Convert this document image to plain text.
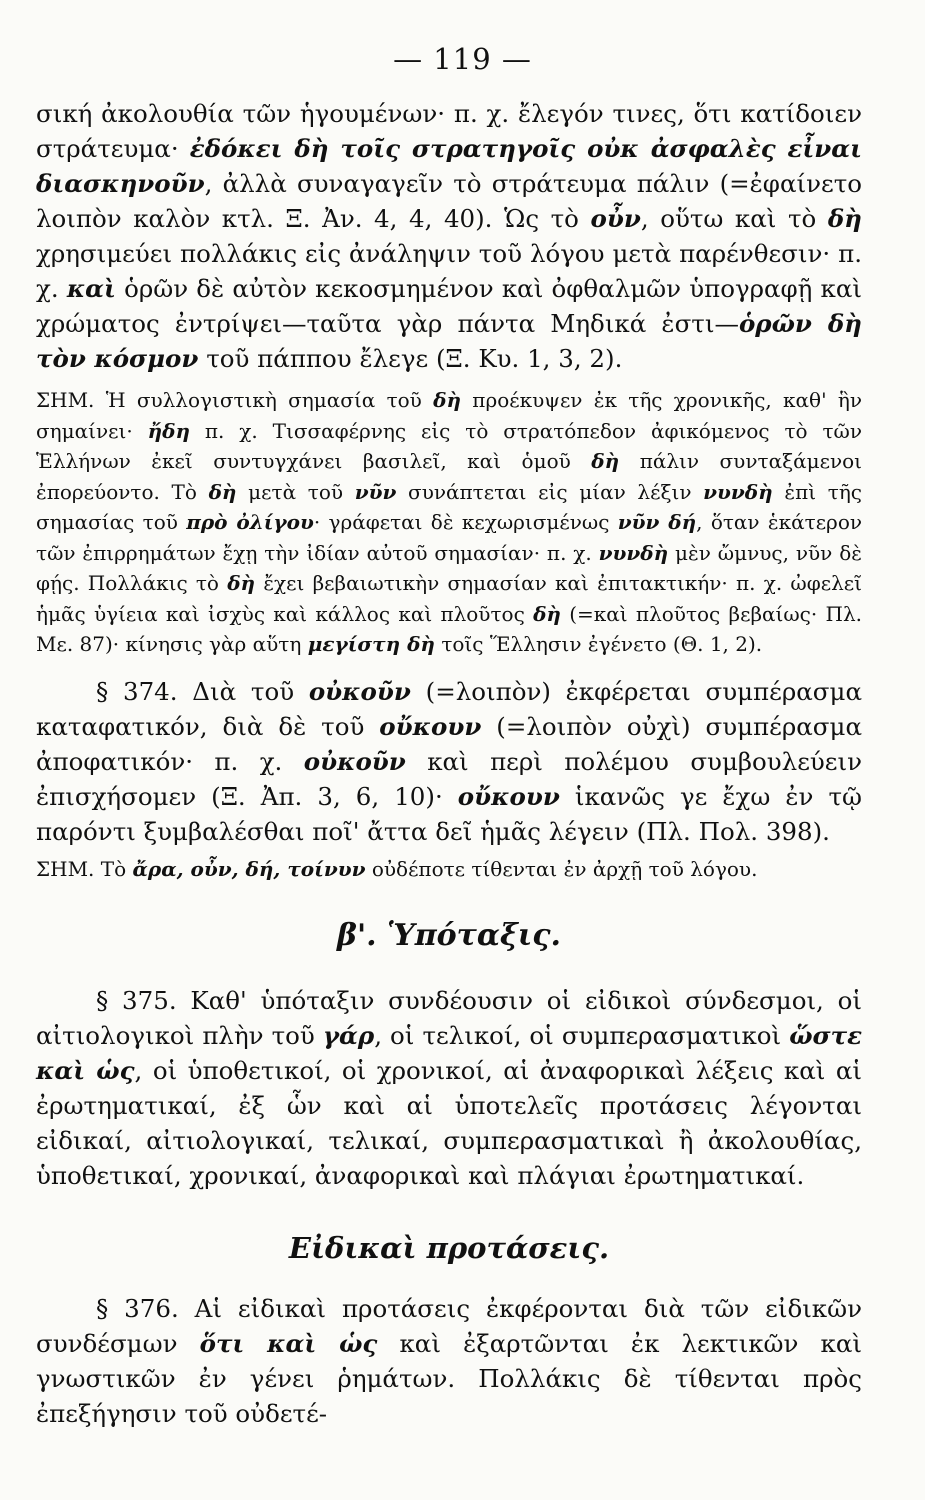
— 119 —

σική ἀκολουθία τῶν ἡγουμένων· π. χ. ἔλεγόν τινες, ὅτι κατίδοιεν στράτευμα· ἐδόκει δὴ τοῖς στρατηγοῖς οὐκ ἀσφαλὲς εἶναι διασκηνοῦν, ἀλλὰ συναγαγεῖν τὸ στράτευμα πάλιν (=ἐφαίνετο λοιπὸν καλὸν κτλ. Ξ. Ἀν. 4, 4, 40). Ὡς τὸ οὖν, οὕτω καὶ τὸ δὴ χρησιμεύει πολλάκις εἰς ἀνάληψιν τοῦ λόγου μετὰ παρένθεσιν· π. χ. καὶ ὁρῶν δὲ αὐτὸν κεκοσμημένον καὶ ὀφθαλμῶν ὑπογραφῇ καὶ χρώματος ἐντρίψει—ταῦτα γὰρ πάντα Μηδικά ἐστι—ὁρῶν δὴ τὸν κόσμον τοῦ πάππου ἔλεγε (Ξ. Κυ. 1, 3, 2).

ΣΗΜ. Ἡ συλλογιστικὴ σημασία τοῦ δὴ προέκυψεν ἐκ τῆς χρονικῆς, καθ' ἣν σημαίνει· ἤδη π. χ. Τισσαφέρνης εἰς τὸ στρατόπεδον ἀφικόμενος τὸ τῶν Ἑλλήνων ἐκεῖ συντυγχάνει βασιλεῖ, καὶ ὁμοῦ δὴ πάλιν συνταξάμενοι ἐπορεύοντο. Τὸ δὴ μετὰ τοῦ νῦν συνάπτεται εἰς μίαν λέξιν νυνδὴ ἐπὶ τῆς σημασίας τοῦ πρὸ ὀλίγου· γράφεται δὲ κεχωρισμένως νῦν δή, ὅταν ἑκάτερον τῶν ἐπιρρημάτων ἔχῃ τὴν ἰδίαν αὐτοῦ σημασίαν· π. χ. νυνδὴ μὲν ὤμνυς, νῦν δὲ φῄς. Πολλάκις τὸ δὴ ἔχει βεβαιωτικὴν σημασίαν καὶ ἐπιτακτικήν· π. χ. ὠφελεῖ ἡμᾶς ὑγίεια καὶ ἰσχὺς καὶ κάλλος καὶ πλοῦτος δὴ (=καὶ πλοῦτος βεβαίως· Πλ. Με. 87)· κίνησις γὰρ αὕτη μεγίστη δὴ τοῖς Ἕλλησιν ἐγένετο (Θ. 1, 2).

§ 374. Διὰ τοῦ οὐκοῦν (=λοιπὸν) ἐκφέρεται συμπέρασμα καταφατικόν, διὰ δὲ τοῦ οὔκουν (=λοιπὸν οὐχὶ) συμπέρασμα ἀποφατικόν· π. χ. οὐκοῦν καὶ περὶ πολέμου συμβουλεύειν ἐπισχήσομεν (Ξ. Ἀπ. 3, 6, 10)· οὔκουν ἱκανῶς γε ἔχω ἐν τῷ παρόντι ξυμβαλέσθαι ποῖ' ἄττα δεῖ ἡμᾶς λέγειν (Πλ. Πολ. 398).

ΣΗΜ. Τὸ ἄρα, οὖν, δή, τοίνυν οὐδέποτε τίθενται ἐν ἀρχῇ τοῦ λόγου.

β'. Ὑπόταξις.

§ 375. Καθ' ὑπόταξιν συνδέουσιν οἱ εἰδικοὶ σύνδεσμοι, οἱ αἰτιολογικοὶ πλὴν τοῦ γάρ, οἱ τελικοί, οἱ συμπερασματικοὶ ὥστε καὶ ὡς, οἱ ὑποθετικοί, οἱ χρονικοί, αἱ ἀναφορικαὶ λέξεις καὶ αἱ ἐρωτηματικαί, ἐξ ὧν καὶ αἱ ὑποτελεῖς προτάσεις λέγονται εἰδικαί, αἰτιολογικαί, τελικαί, συμπερασματικαὶ ἢ ἀκολουθίας, ὑποθετικαί, χρονικαί, ἀναφορικαὶ καὶ πλάγιαι ἐρωτηματικαί.

Εἰδικαὶ προτάσεις.

§ 376. Αἱ εἰδικαὶ προτάσεις ἐκφέρονται διὰ τῶν εἰδικῶν συνδέσμων ὅτι καὶ ὡς καὶ ἐξαρτῶνται ἐκ λεκτικῶν καὶ γνωστικῶν ἐν γένει ῥημάτων. Πολλάκις δὲ τίθενται πρὸς ἐπεξήγησιν τοῦ οὐδετέ-
